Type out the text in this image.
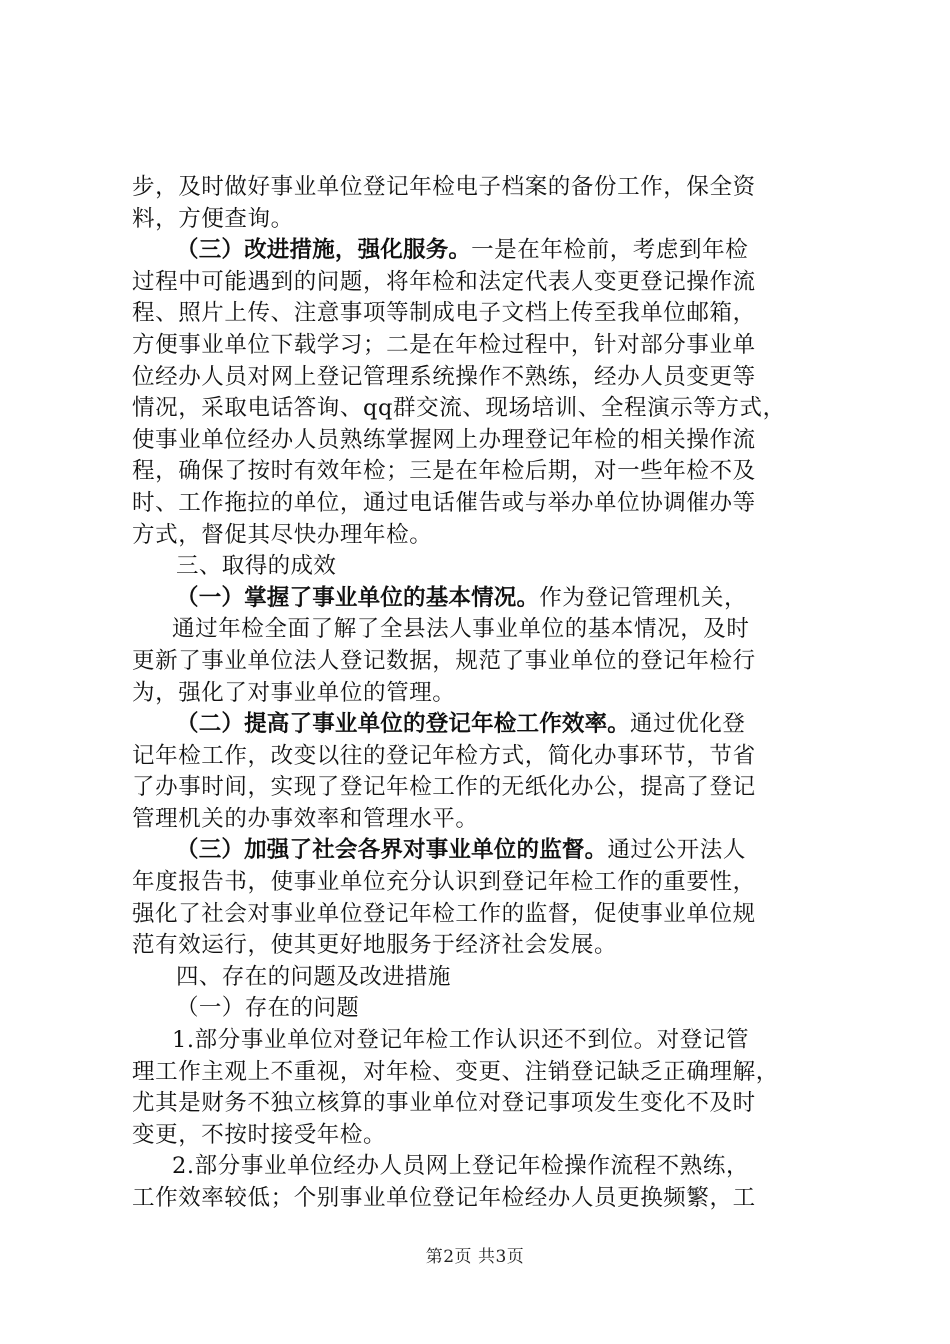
步，及时做好事业单位登记年检电子档案的备份工作，保全资
料，方便查询。
（三）改进措施，强化服务。一是在年检前，考虑到年检
过程中可能遇到的问题，将年检和法定代表人变更登记操作流
程、照片上传、注意事项等制成电子文档上传至我单位邮箱，
方便事业单位下载学习；二是在年检过程中，针对部分事业单
位经办人员对网上登记管理系统操作不熟练，经办人员变更等
情况，采取电话答询、qq群交流、现场培训、全程演示等方式，
使事业单位经办人员熟练掌握网上办理登记年检的相关操作流
程，确保了按时有效年检；三是在年检后期，对一些年检不及
时、工作拖拉的单位，通过电话催告或与举办单位协调催办等
方式，督促其尽快办理年检。
三、取得的成效
（一）掌握了事业单位的基本情况。作为登记管理机关，
通过年检全面了解了全县法人事业单位的基本情况，及时
更新了事业单位法人登记数据，规范了事业单位的登记年检行
为，强化了对事业单位的管理。
（二）提高了事业单位的登记年检工作效率。通过优化登
记年检工作，改变以往的登记年检方式，简化办事环节，节省
了办事时间，实现了登记年检工作的无纸化办公，提高了登记
管理机关的办事效率和管理水平。
（三）加强了社会各界对事业单位的监督。通过公开法人
年度报告书，使事业单位充分认识到登记年检工作的重要性，
强化了社会对事业单位登记年检工作的监督，促使事业单位规
范有效运行，使其更好地服务于经济社会发展。
四、存在的问题及改进措施
（一）存在的问题
1.部分事业单位对登记年检工作认识还不到位。对登记管
理工作主观上不重视，对年检、变更、注销登记缺乏正确理解，
尤其是财务不独立核算的事业单位对登记事项发生变化不及时
变更，不按时接受年检。
2.部分事业单位经办人员网上登记年检操作流程不熟练，
工作效率较低；个别事业单位登记年检经办人员更换频繁，工
第2页 共3页
